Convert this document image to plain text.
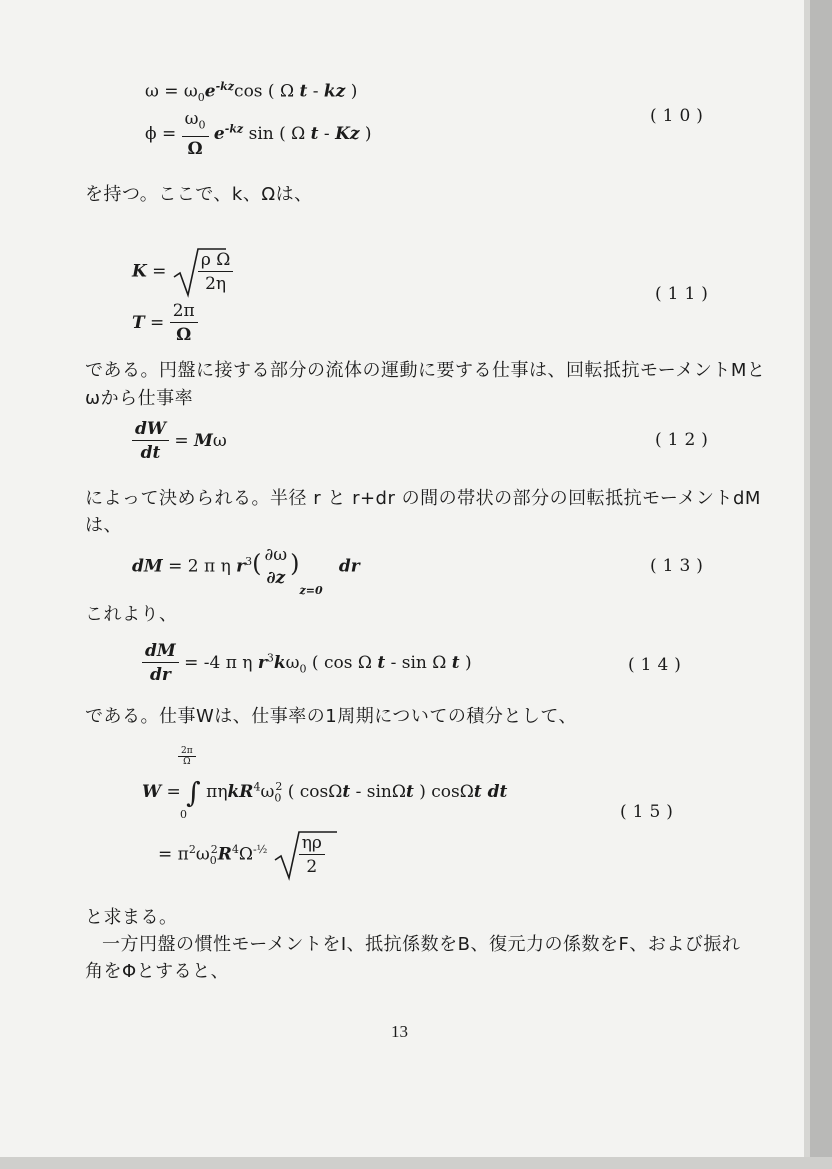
$\omega = \omega_0e^{-kz}\cos$ ( Ω t - kz )
$\phi = \frac{\omega_0}{\Omega} e^{-kz}$ sin ( Ω t - Kz )
(10)
を持つ。ここで、k、Ωは、
$K = \frac{\text{ρ Ω}}{2\eta}$
$T = \frac{2\pi}{\Omega}$
(11)
である。円盤に接する部分の流体の運動に要する仕事は、回転抵抗モーメントMと
ωから仕事率
$\frac{dW}{dt} = M\omega$	(12)
によって決められる。半径 r と r+dr の間の帯状の部分の回転抵抗モーメントdM
は、
dM = 2 π η $r^3$( ∂ω
∂z
)$_{z=0}$   dr	(13)
これより、
$\frac{dM}{dr} = -4$ π η $r^3k\omega_0$ ( cos Ω t - sin Ω t )	(14)
である。仕事Wは、仕事率の1周期についての積分として、
$\frac{2\pi}{\Omega}$
W = ∫ $\pi\eta kR^4\omega_0^2$ ( cosΩt - sinΩt ) cosΩt dt
0
= $\pi^2\omega_0^2R^4\Omega^{-\frac{1}{2}} \frac{\eta\rho}{2}$
(15)
と求まる。
一方円盤の慣性モーメントをI、抵抗係数をB、復元力の係数をF、および振れ
角をΦとすると、
13
